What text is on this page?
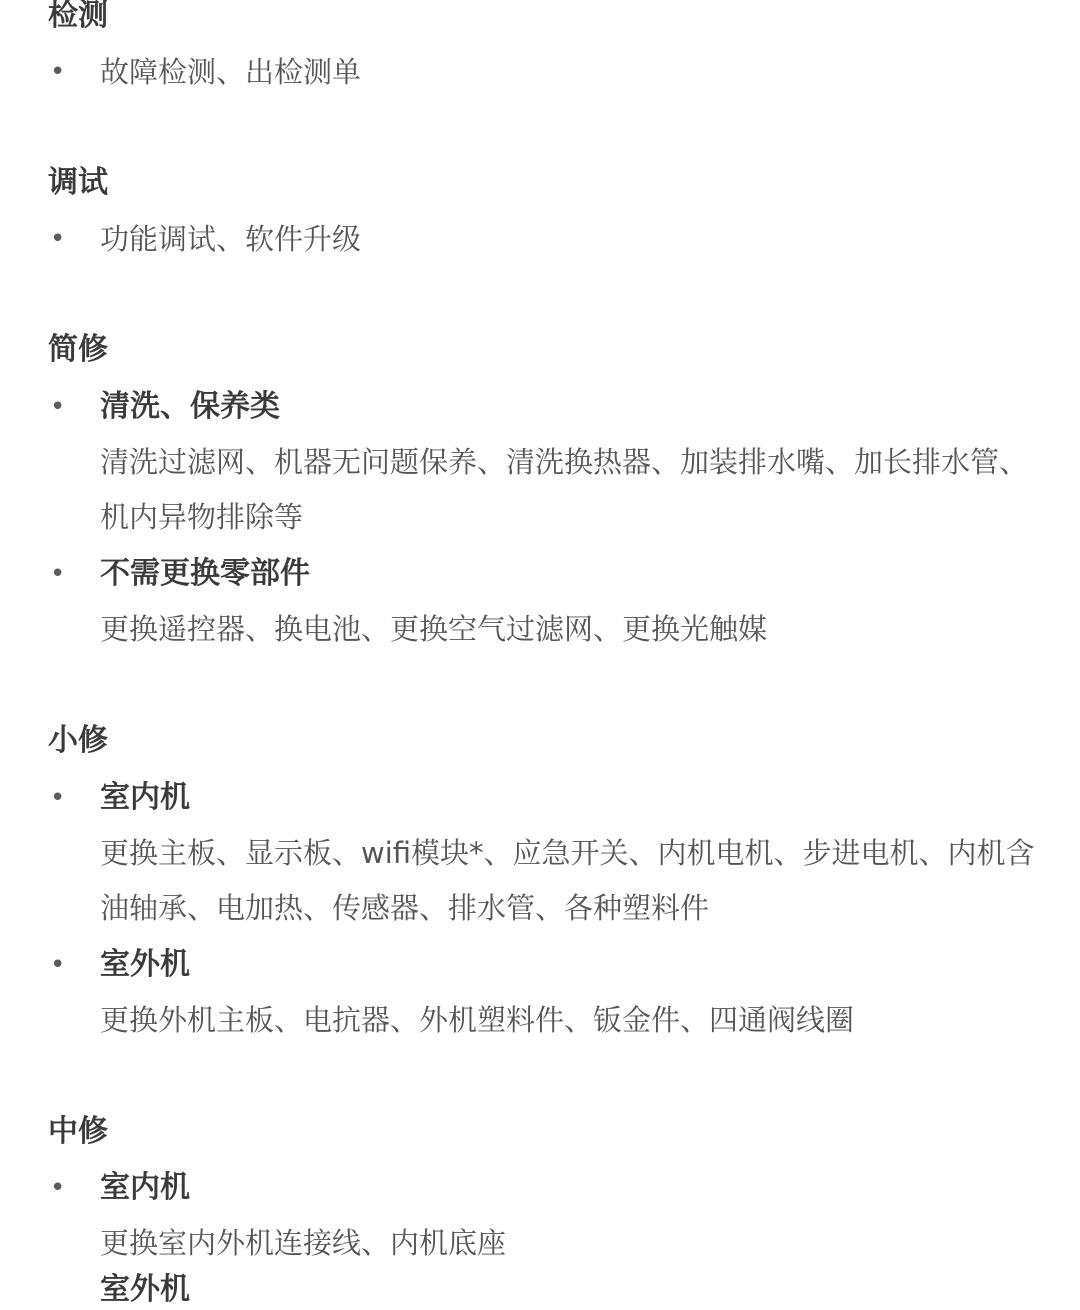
检测
• 故障检测、出检测单
调试
• 功能调试、软件升级
简修
• 清洗、保养类
清洗过滤网、机器无问题保养、清洗换热器、加装排水嘴、加长排水管、机内异物排除等
• 不需更换零部件
更换遥控器、换电池、更换空气过滤网、更换光触媒
小修
• 室内机
更换主板、显示板、wifi模块*、应急开关、内机电机、步进电机、内机含油轴承、电加热、传感器、排水管、各种塑料件
• 室外机
更换外机主板、电抗器、外机塑料件、钣金件、四通阀线圈
中修
• 室内机
更换室内外机连接线、内机底座
室外机
